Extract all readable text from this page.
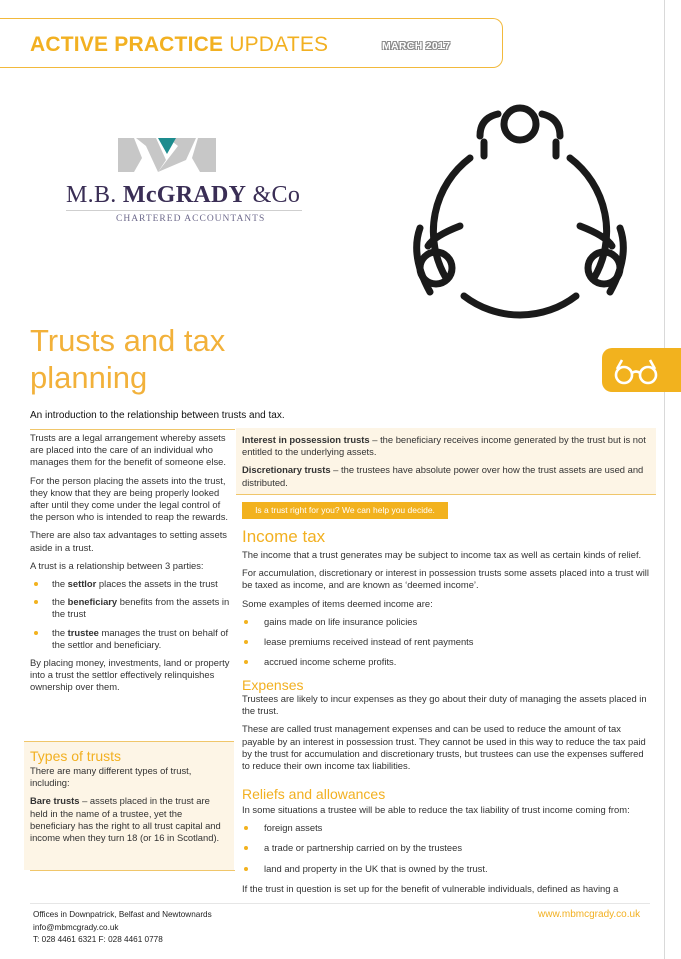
ACTIVE PRACTICE UPDATES	MARCH 2017
M.B. McGRADY &Co
CHARTERED ACCOUNTANTS
Trusts and tax planning
An introduction to the relationship between trusts and tax.

Trusts are a legal arrangement whereby assets are placed into the care of an individual who manages them for the benefit of someone else.

For the person placing the assets into the trust, they know that they are being properly looked after until they come under the legal control of the person who is intended to reap the rewards.

There are also tax advantages to setting assets aside in a trust.

A trust is a relationship between 3 parties:

the settlor places the assets in the trust
the beneficiary benefits from the assets in the trust
the trustee manages the trust on behalf of the settlor and beneficiary.

By placing money, investments, land or property into a trust the settlor effectively relinquishes ownership over them.

Types of trusts

There are many different types of trust, including:

Bare trusts – assets placed in the trust are held in the name of a trustee, yet the beneficiary has the right to all trust capital and income when they turn 18 (or 16 in Scotland).

Interest in possession trusts – the beneficiary receives income generated by the trust but is not entitled to the underlying assets.

Discretionary trusts – the trustees have absolute power over how the trust assets are used and distributed.

Is a trust right for you? We can help you decide.
Income tax

The income that a trust generates may be subject to income tax as well as certain kinds of relief.

For accumulation, discretionary or interest in possession trusts some assets placed into a trust will be taxed as income, and are known as ‘deemed income’.

Some examples of items deemed income are:

gains made on life insurance policies
lease premiums received instead of rent payments
accrued income scheme profits.
Expenses

Trustees are likely to incur expenses as they go about their duty of managing the assets placed in the trust.

These are called trust management expenses and can be used to reduce the amount of tax payable by an interest in possession trust. They cannot be used in this way to reduce the tax paid by the trust for accumulation and discretionary trusts, but trustees can use the expenses suffered to reduce their own income tax liabilities.

Reliefs and allowances

In some situations a trustee will be able to reduce the tax liability of trust income coming from:

foreign assets
a trade or partnership carried on by the trustees
land and property in the UK that is owned by the trust.

If the trust in question is set up for the benefit of vulnerable individuals, defined as having a

Offices in Downpatrick, Belfast and Newtownards
info@mbmcgrady.co.uk
T: 028 4461 6321 F: 028 4461 0778
www.mbmcgrady.co.uk
